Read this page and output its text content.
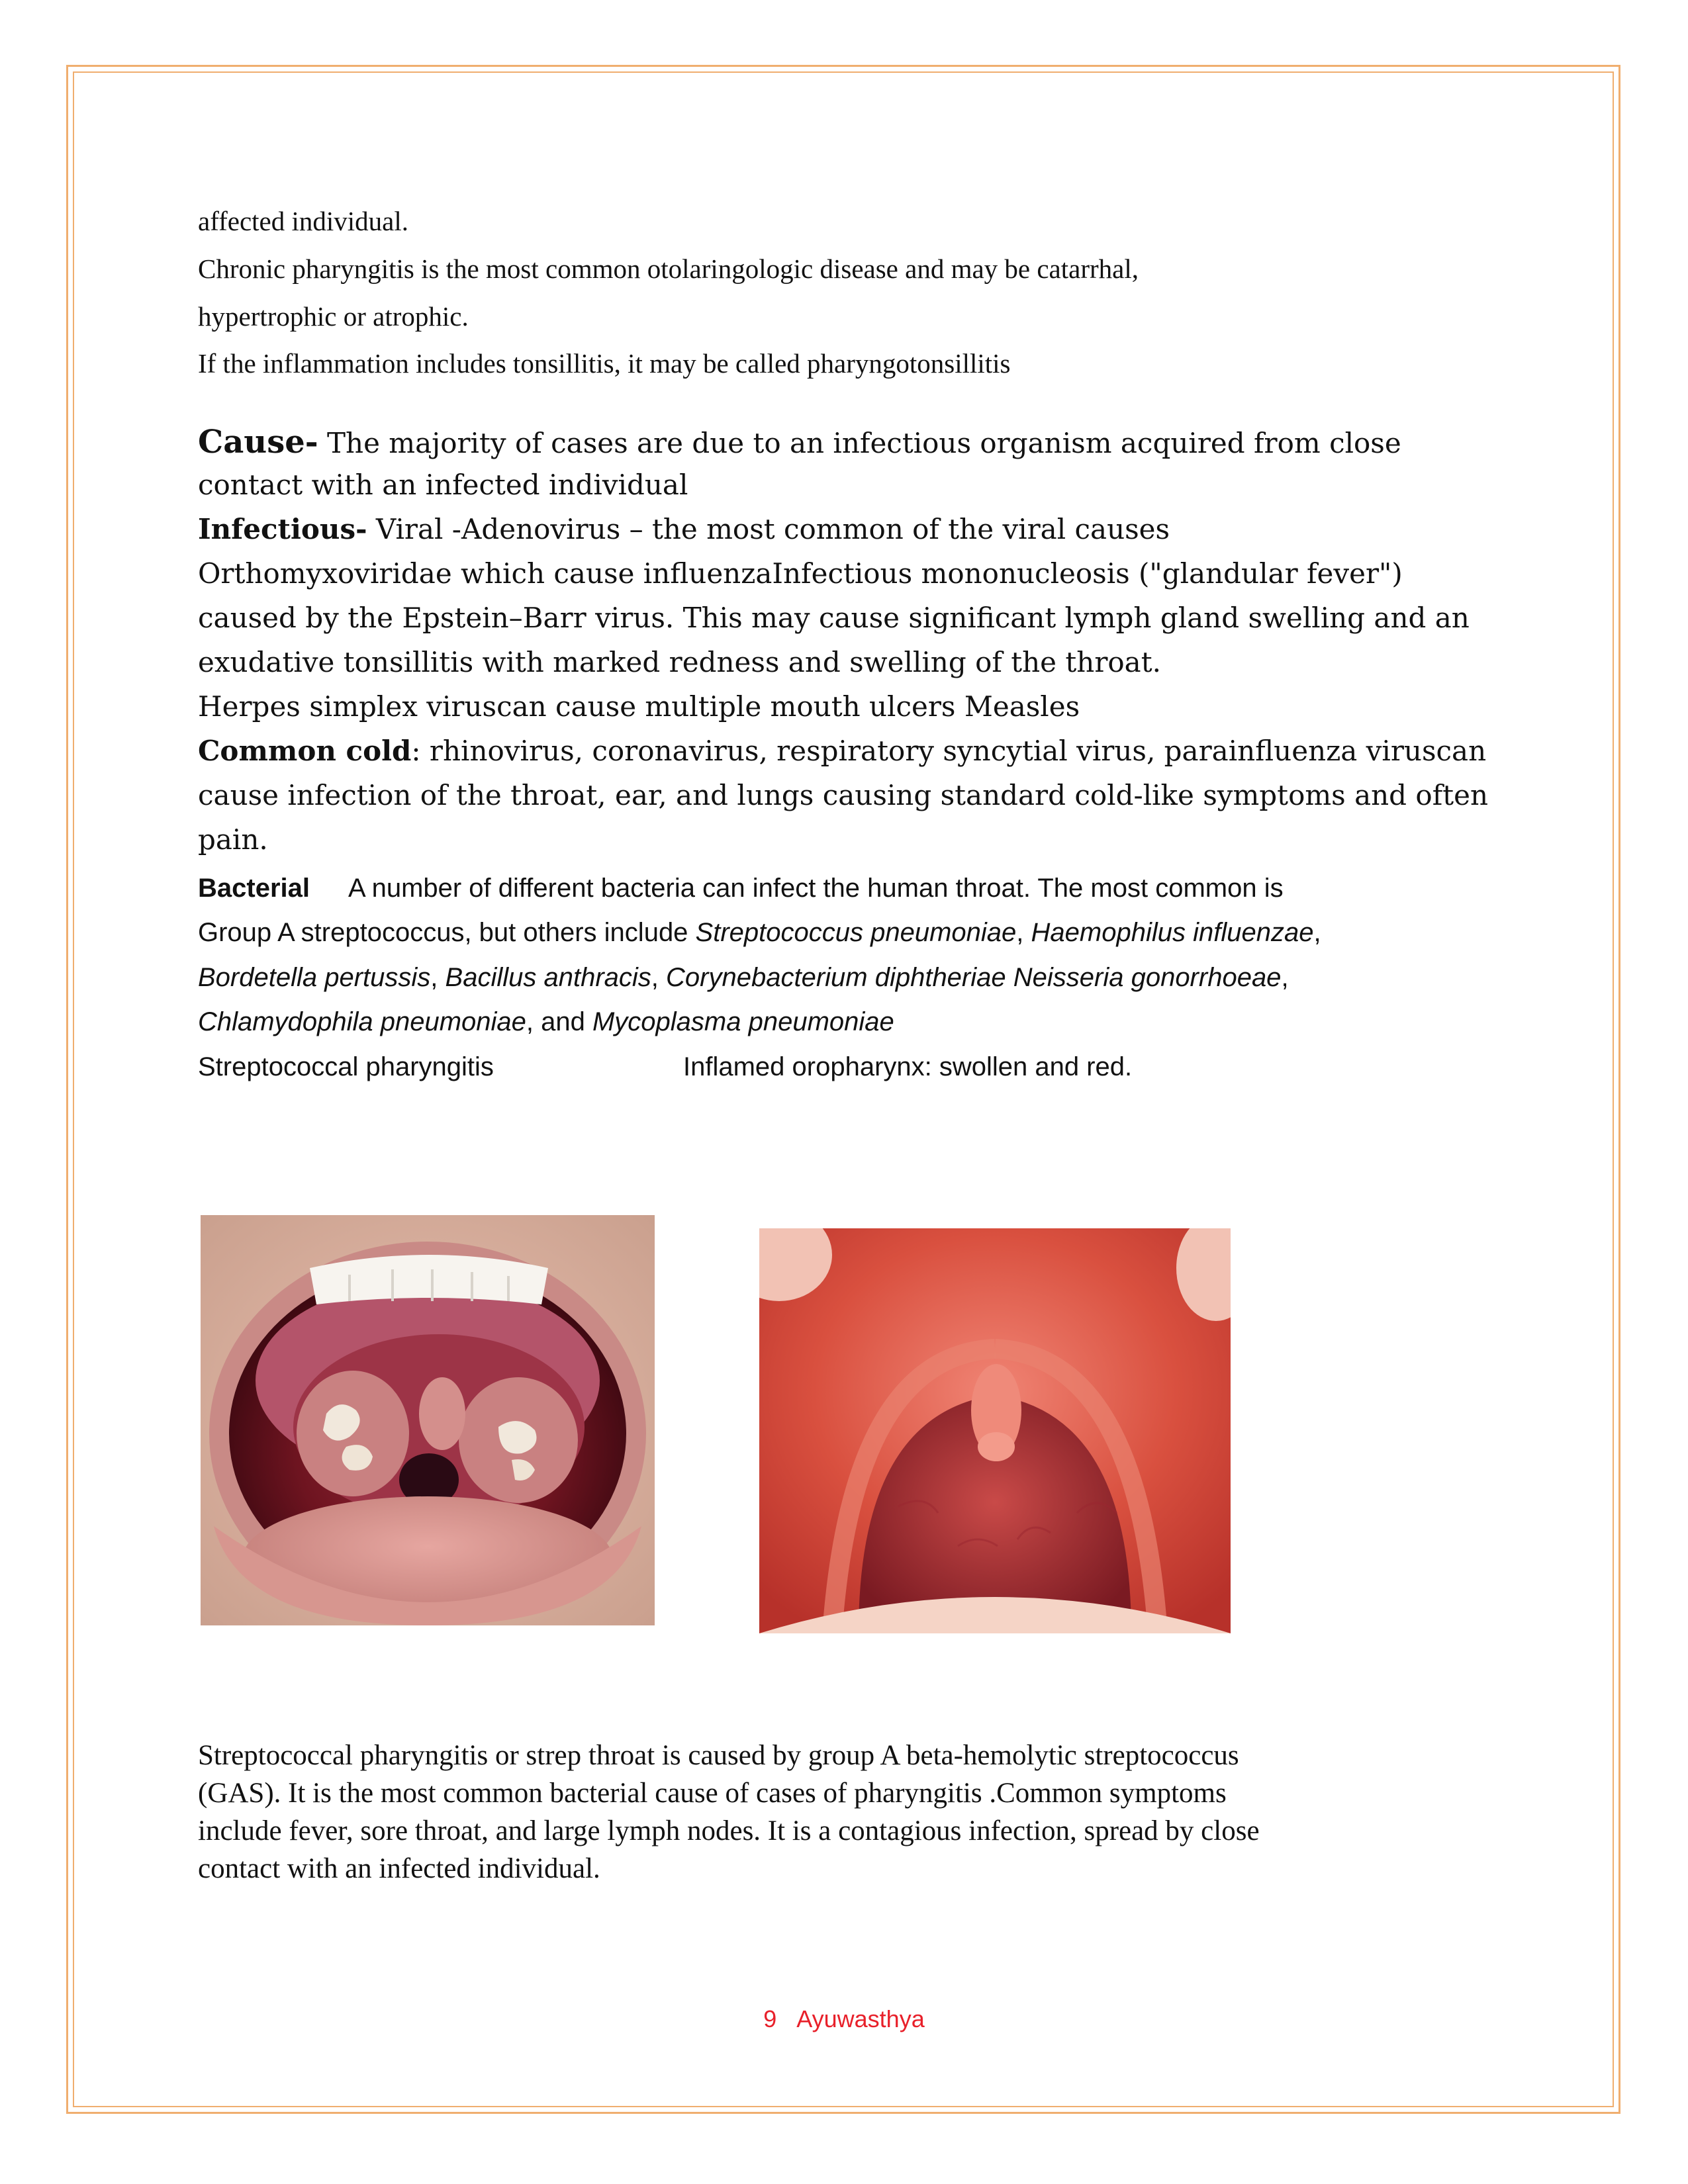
affected individual.
Chronic pharyngitis is the most common otolaringologic disease and may be catarrhal,
hypertrophic or atrophic.
If the inflammation includes tonsillitis, it may be called pharyngotonsillitis
Cause- The majority of cases are due to an infectious organism acquired from close
contact with an infected individual
Infectious- Viral -Adenovirus – the most common of the viral causes
Orthomyxoviridae which cause influenzaInfectious mononucleosis ("glandular fever")
caused by the Epstein–Barr virus. This may cause significant lymph gland swelling and an
exudative tonsillitis with marked redness and swelling of the throat.
Herpes simplex viruscan cause multiple mouth ulcers Measles
Common cold: rhinovirus, coronavirus, respiratory syncytial virus, parainfluenza viruscan
cause infection of the throat, ear, and lungs causing standard cold-like symptoms and often
pain.
Bacterial A number of different bacteria can infect the human throat. The most common is
Group A streptococcus, but others include Streptococcus pneumoniae, Haemophilus influenzae,
Bordetella pertussis, Bacillus anthracis, Corynebacterium diphtheriae Neisseria gonorrhoeae,
Chlamydophila pneumoniae, and Mycoplasma pneumoniae
Streptococcal pharyngitis	Inflamed oropharynx: swollen and red.
Streptococcal pharyngitis or strep throat is caused by group A beta-hemolytic streptococcus
(GAS). It is the most common bacterial cause of cases of pharyngitis .Common symptoms
include fever, sore throat, and large lymph nodes. It is a contagious infection, spread by close
contact with an infected individual.
9 Ayuwasthya
